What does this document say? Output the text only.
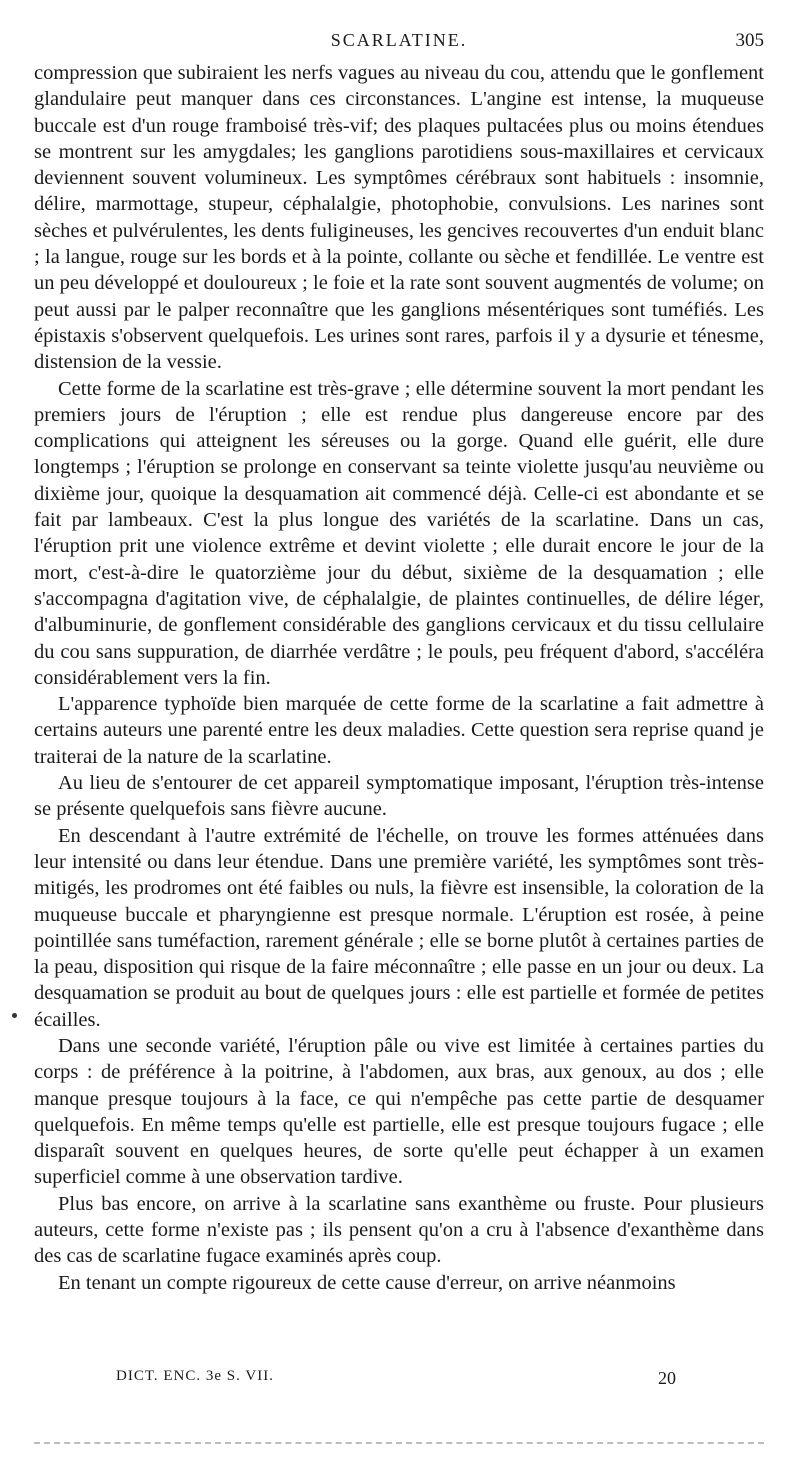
SCARLATINE.	305

compression que subiraient les nerfs vagues au niveau du cou, attendu que le gonflement glandulaire peut manquer dans ces circonstances. L'angine est intense, la muqueuse buccale est d'un rouge framboisé très-vif; des plaques pultacées plus ou moins étendues se montrent sur les amygdales; les ganglions parotidiens sous-maxillaires et cervicaux deviennent souvent volumineux. Les symptômes cérébraux sont habituels : insomnie, délire, marmottage, stupeur, céphalalgie, photophobie, convulsions. Les narines sont sèches et pulvérulentes, les dents fuligineuses, les gencives recouvertes d'un enduit blanc ; la langue, rouge sur les bords et à la pointe, collante ou sèche et fendillée. Le ventre est un peu développé et douloureux ; le foie et la rate sont souvent augmentés de volume; on peut aussi par le palper reconnaître que les ganglions mésentériques sont tuméfiés. Les épistaxis s'observent quelquefois. Les urines sont rares, parfois il y a dysurie et ténesme, distension de la vessie.

Cette forme de la scarlatine est très-grave ; elle détermine souvent la mort pendant les premiers jours de l'éruption ; elle est rendue plus dangereuse encore par des complications qui atteignent les séreuses ou la gorge. Quand elle guérit, elle dure longtemps ; l'éruption se prolonge en conservant sa teinte violette jusqu'au neuvième ou dixième jour, quoique la desquamation ait commencé déjà. Celle-ci est abondante et se fait par lambeaux. C'est la plus longue des variétés de la scarlatine. Dans un cas, l'éruption prit une violence extrême et devint violette ; elle durait encore le jour de la mort, c'est-à-dire le quatorzième jour du début, sixième de la desquamation ; elle s'accompagna d'agitation vive, de céphalalgie, de plaintes continuelles, de délire léger, d'albuminurie, de gonflement considérable des ganglions cervicaux et du tissu cellulaire du cou sans suppuration, de diarrhée verdâtre ; le pouls, peu fréquent d'abord, s'accéléra considérablement vers la fin.

L'apparence typhoïde bien marquée de cette forme de la scarlatine a fait admettre à certains auteurs une parenté entre les deux maladies. Cette question sera reprise quand je traiterai de la nature de la scarlatine.

Au lieu de s'entourer de cet appareil symptomatique imposant, l'éruption très-intense se présente quelquefois sans fièvre aucune.

En descendant à l'autre extrémité de l'échelle, on trouve les formes atténuées dans leur intensité ou dans leur étendue. Dans une première variété, les symptômes sont très-mitigés, les prodromes ont été faibles ou nuls, la fièvre est insensible, la coloration de la muqueuse buccale et pharyngienne est presque normale. L'éruption est rosée, à peine pointillée sans tuméfaction, rarement générale ; elle se borne plutôt à certaines parties de la peau, disposition qui risque de la faire méconnaître ; elle passe en un jour ou deux. La desquamation se produit au bout de quelques jours : elle est partielle et formée de petites écailles.

Dans une seconde variété, l'éruption pâle ou vive est limitée à certaines parties du corps : de préférence à la poitrine, à l'abdomen, aux bras, aux genoux, au dos ; elle manque presque toujours à la face, ce qui n'empêche pas cette partie de desquamer quelquefois. En même temps qu'elle est partielle, elle est presque toujours fugace ; elle disparaît souvent en quelques heures, de sorte qu'elle peut échapper à un examen superficiel comme à une observation tardive.

Plus bas encore, on arrive à la scarlatine sans exanthème ou fruste. Pour plusieurs auteurs, cette forme n'existe pas ; ils pensent qu'on a cru à l'absence d'exanthème dans des cas de scarlatine fugace examinés après coup.

En tenant un compte rigoureux de cette cause d'erreur, on arrive néanmoins

DICT. ENC. 3e S. VII.	20
